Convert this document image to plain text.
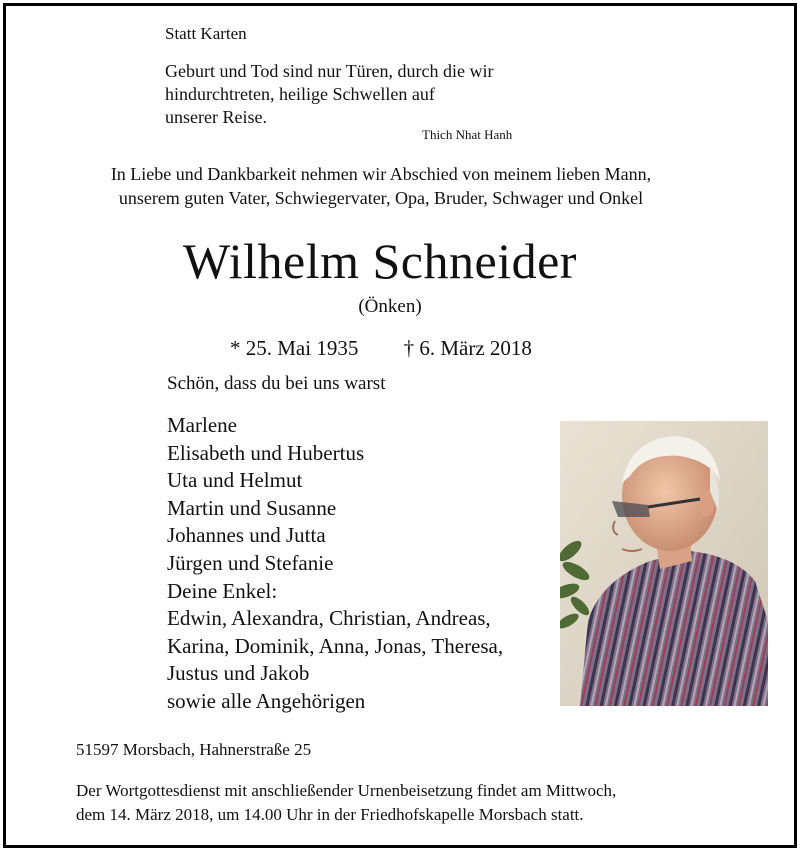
Statt Karten
Geburt und Tod sind nur Türen, durch die wir
hindurchtreten, heilige Schwellen auf
unserer Reise.
Thich Nhat Hanh
In Liebe und Dankbarkeit nehmen wir Abschied von meinem lieben Mann,
unserem guten Vater, Schwiegervater, Opa, Bruder, Schwager und Onkel
Wilhelm Schneider
(Önken)
* 25. Mai 1935 † 6. März 2018
Schön, dass du bei uns warst
Marlene
Elisabeth und Hubertus
Uta und Helmut
Martin und Susanne
Johannes und Jutta
Jürgen und Stefanie
Deine Enkel:
Edwin, Alexandra, Christian, Andreas,
Karina, Dominik, Anna, Jonas, Theresa,
Justus und Jakob
sowie alle Angehörigen
51597 Morsbach, Hahnerstraße 25
Der Wortgottesdienst mit anschließender Urnenbeisetzung findet am Mittwoch,
dem 14. März 2018, um 14.00 Uhr in der Friedhofskapelle Morsbach statt.
